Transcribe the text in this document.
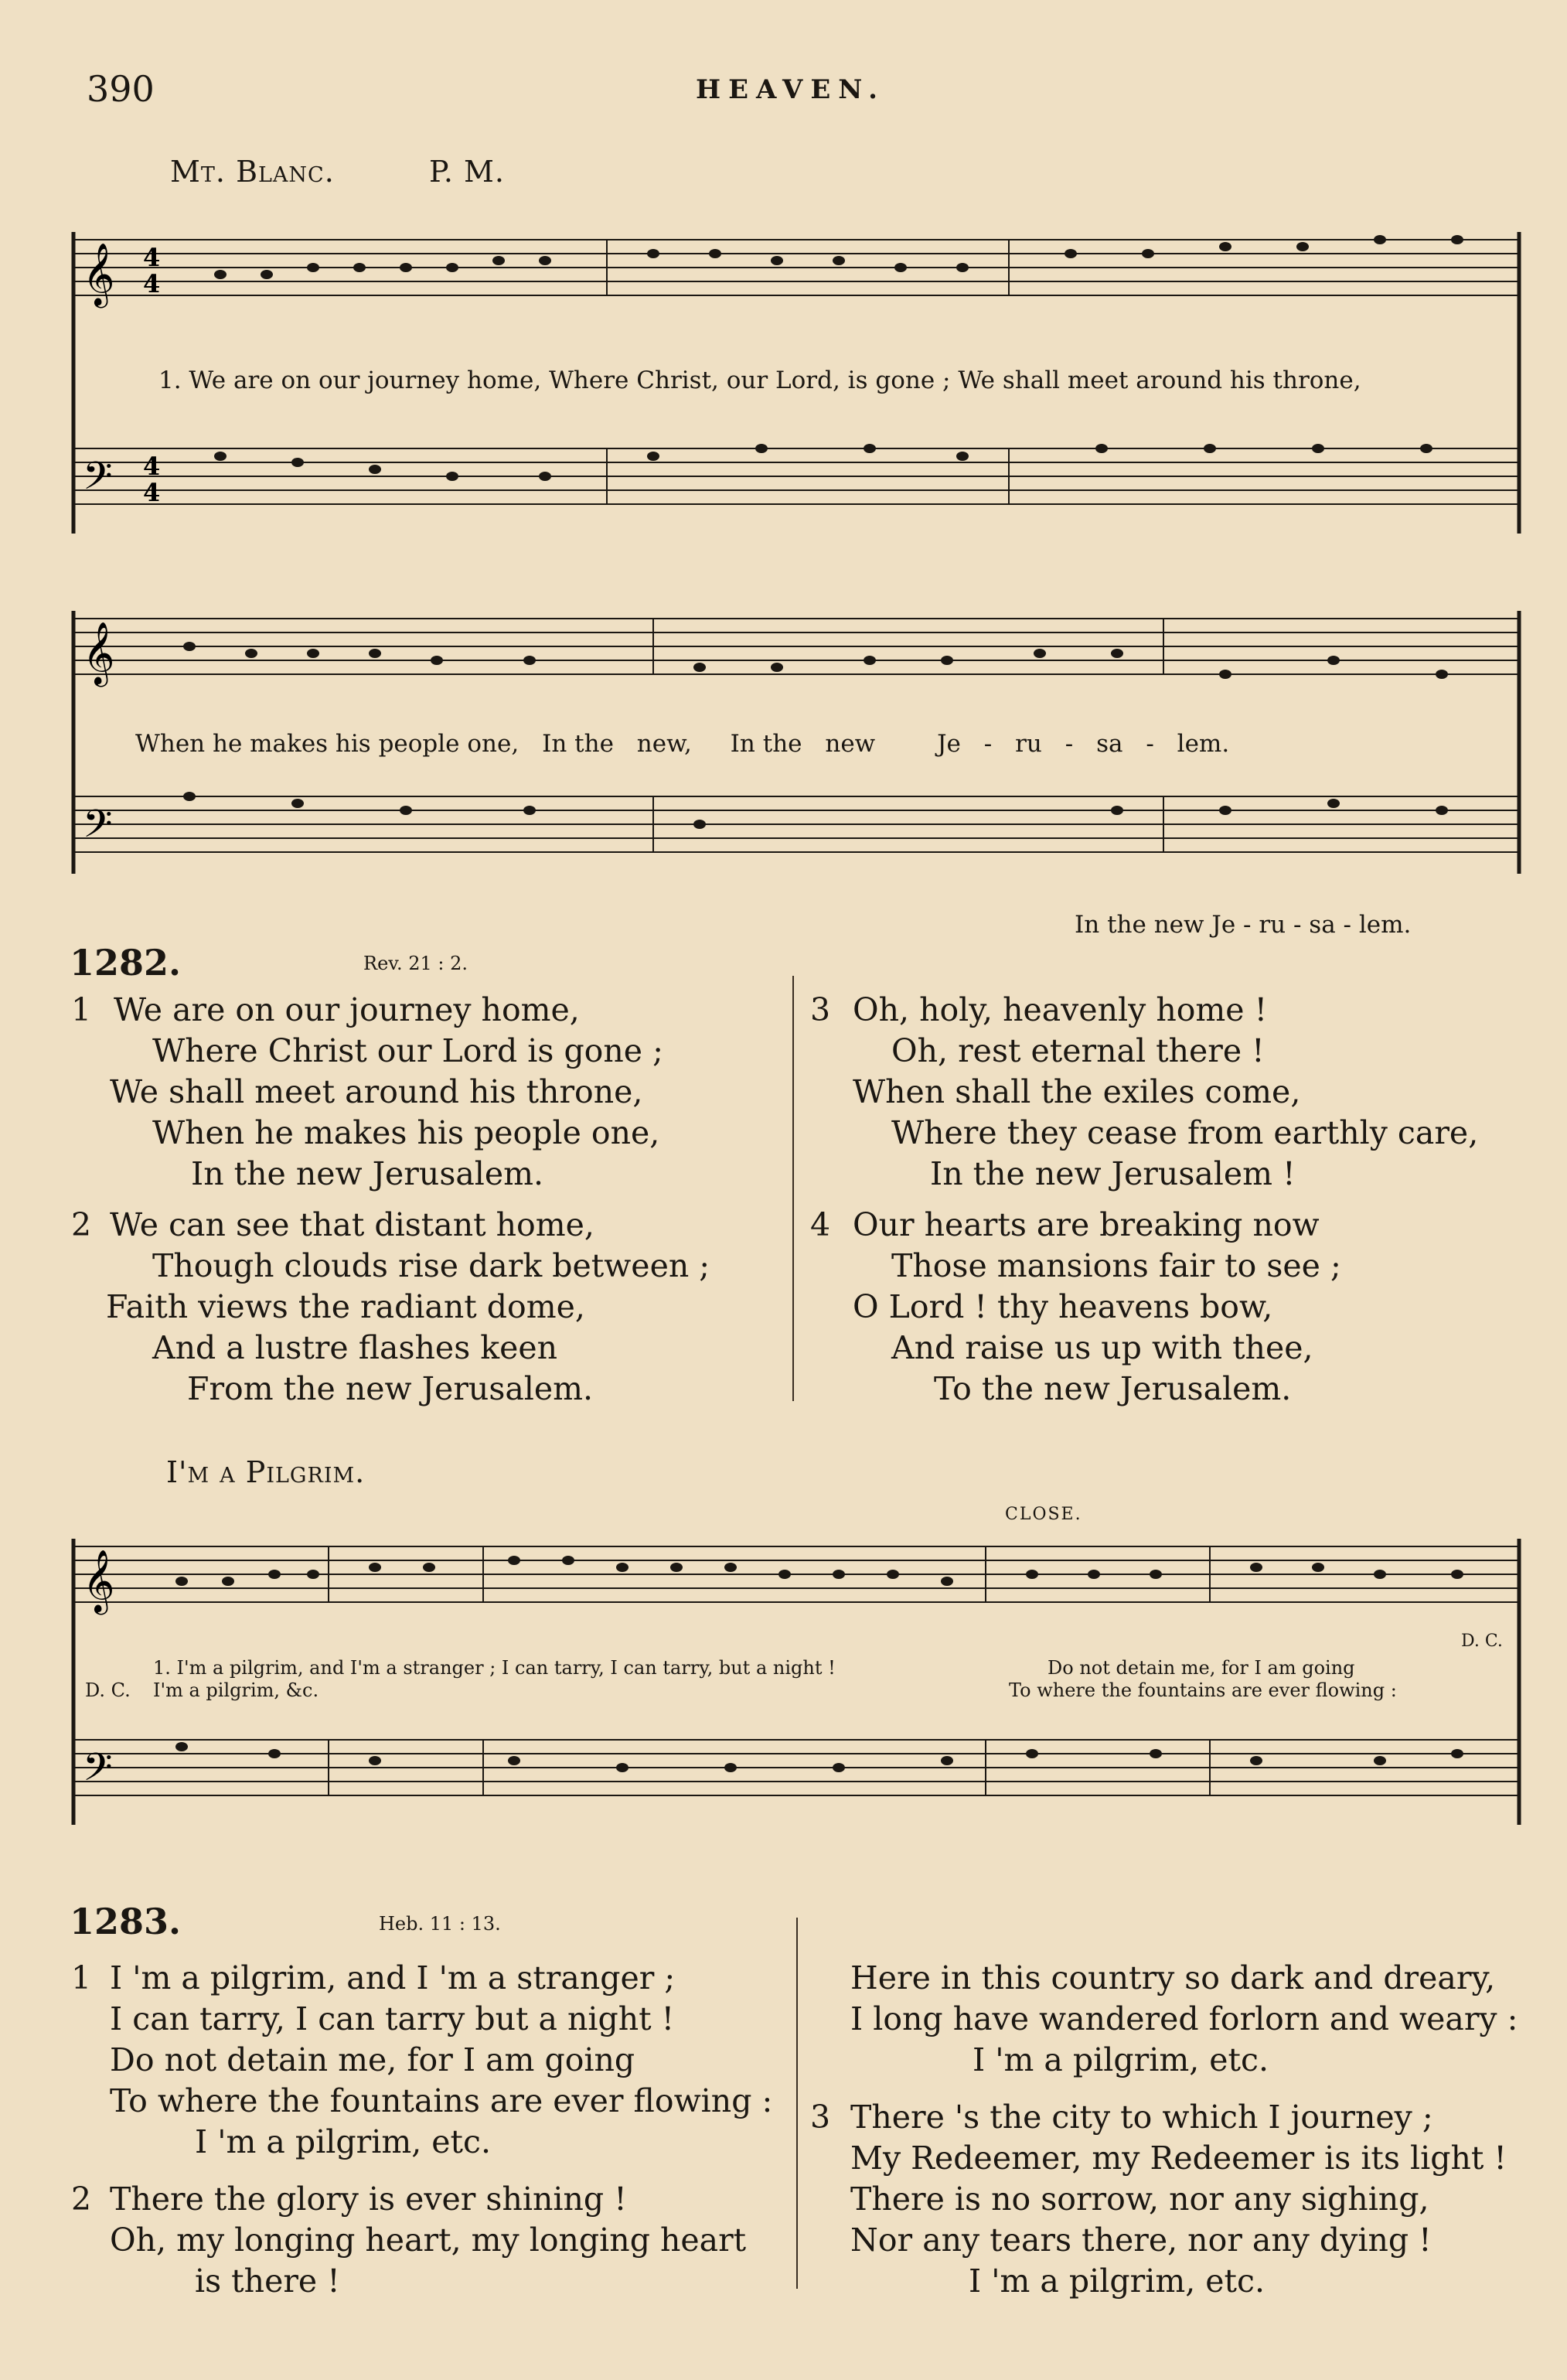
390	HEAVEN.
Mt. Blanc.	P. M.
𝄞
𝄢
4
4
4
4
1. We are on our journey home, Where Christ, our Lord, is gone ; We shall meet around his throne,
𝄞
𝄢
When he makes his people one, In the new, In the new	Je - ru - sa - lem.
In the new Je - ru - sa - lem.
1282.	Rev. 21 : 2.
1 We are on our journey home,
Where Christ our Lord is gone ;
We shall meet around his throne,
When he makes his people one,
In the new Jerusalem.
2 We can see that distant home,
Though clouds rise dark between ;
Faith views the radiant dome,
And a lustre flashes keen
From the new Jerusalem.
3 Oh, holy, heavenly home !
Oh, rest eternal there !
When shall the exiles come,
Where they cease from earthly care,
In the new Jerusalem !
4 Our hearts are breaking now
Those mansions fair to see ;
O Lord ! thy heavens bow,
And raise us up with thee,
To the new Jerusalem.
I'm a Pilgrim.
CLOSE.
𝄞
𝄢
D. C.
1. I'm a pilgrim, and I'm a stranger ; I can tarry, I can tarry, but a night !	Do not detain me, for I am going
D. C. I'm a pilgrim, &c.	To where the fountains are ever flowing :
1283.	Heb. 11 : 13.
1 I 'm a pilgrim, and I 'm a stranger ;
I can tarry, I can tarry but a night !
Do not detain me, for I am going
To where the fountains are ever flowing :
I 'm a pilgrim, etc.
2 There the glory is ever shining !
Oh, my longing heart, my longing heart
is there !
Here in this country so dark and dreary,
I long have wandered forlorn and weary :
I 'm a pilgrim, etc.
3 There 's the city to which I journey ;
My Redeemer, my Redeemer is its light !
There is no sorrow, nor any sighing,
Nor any tears there, nor any dying !
I 'm a pilgrim, etc.
